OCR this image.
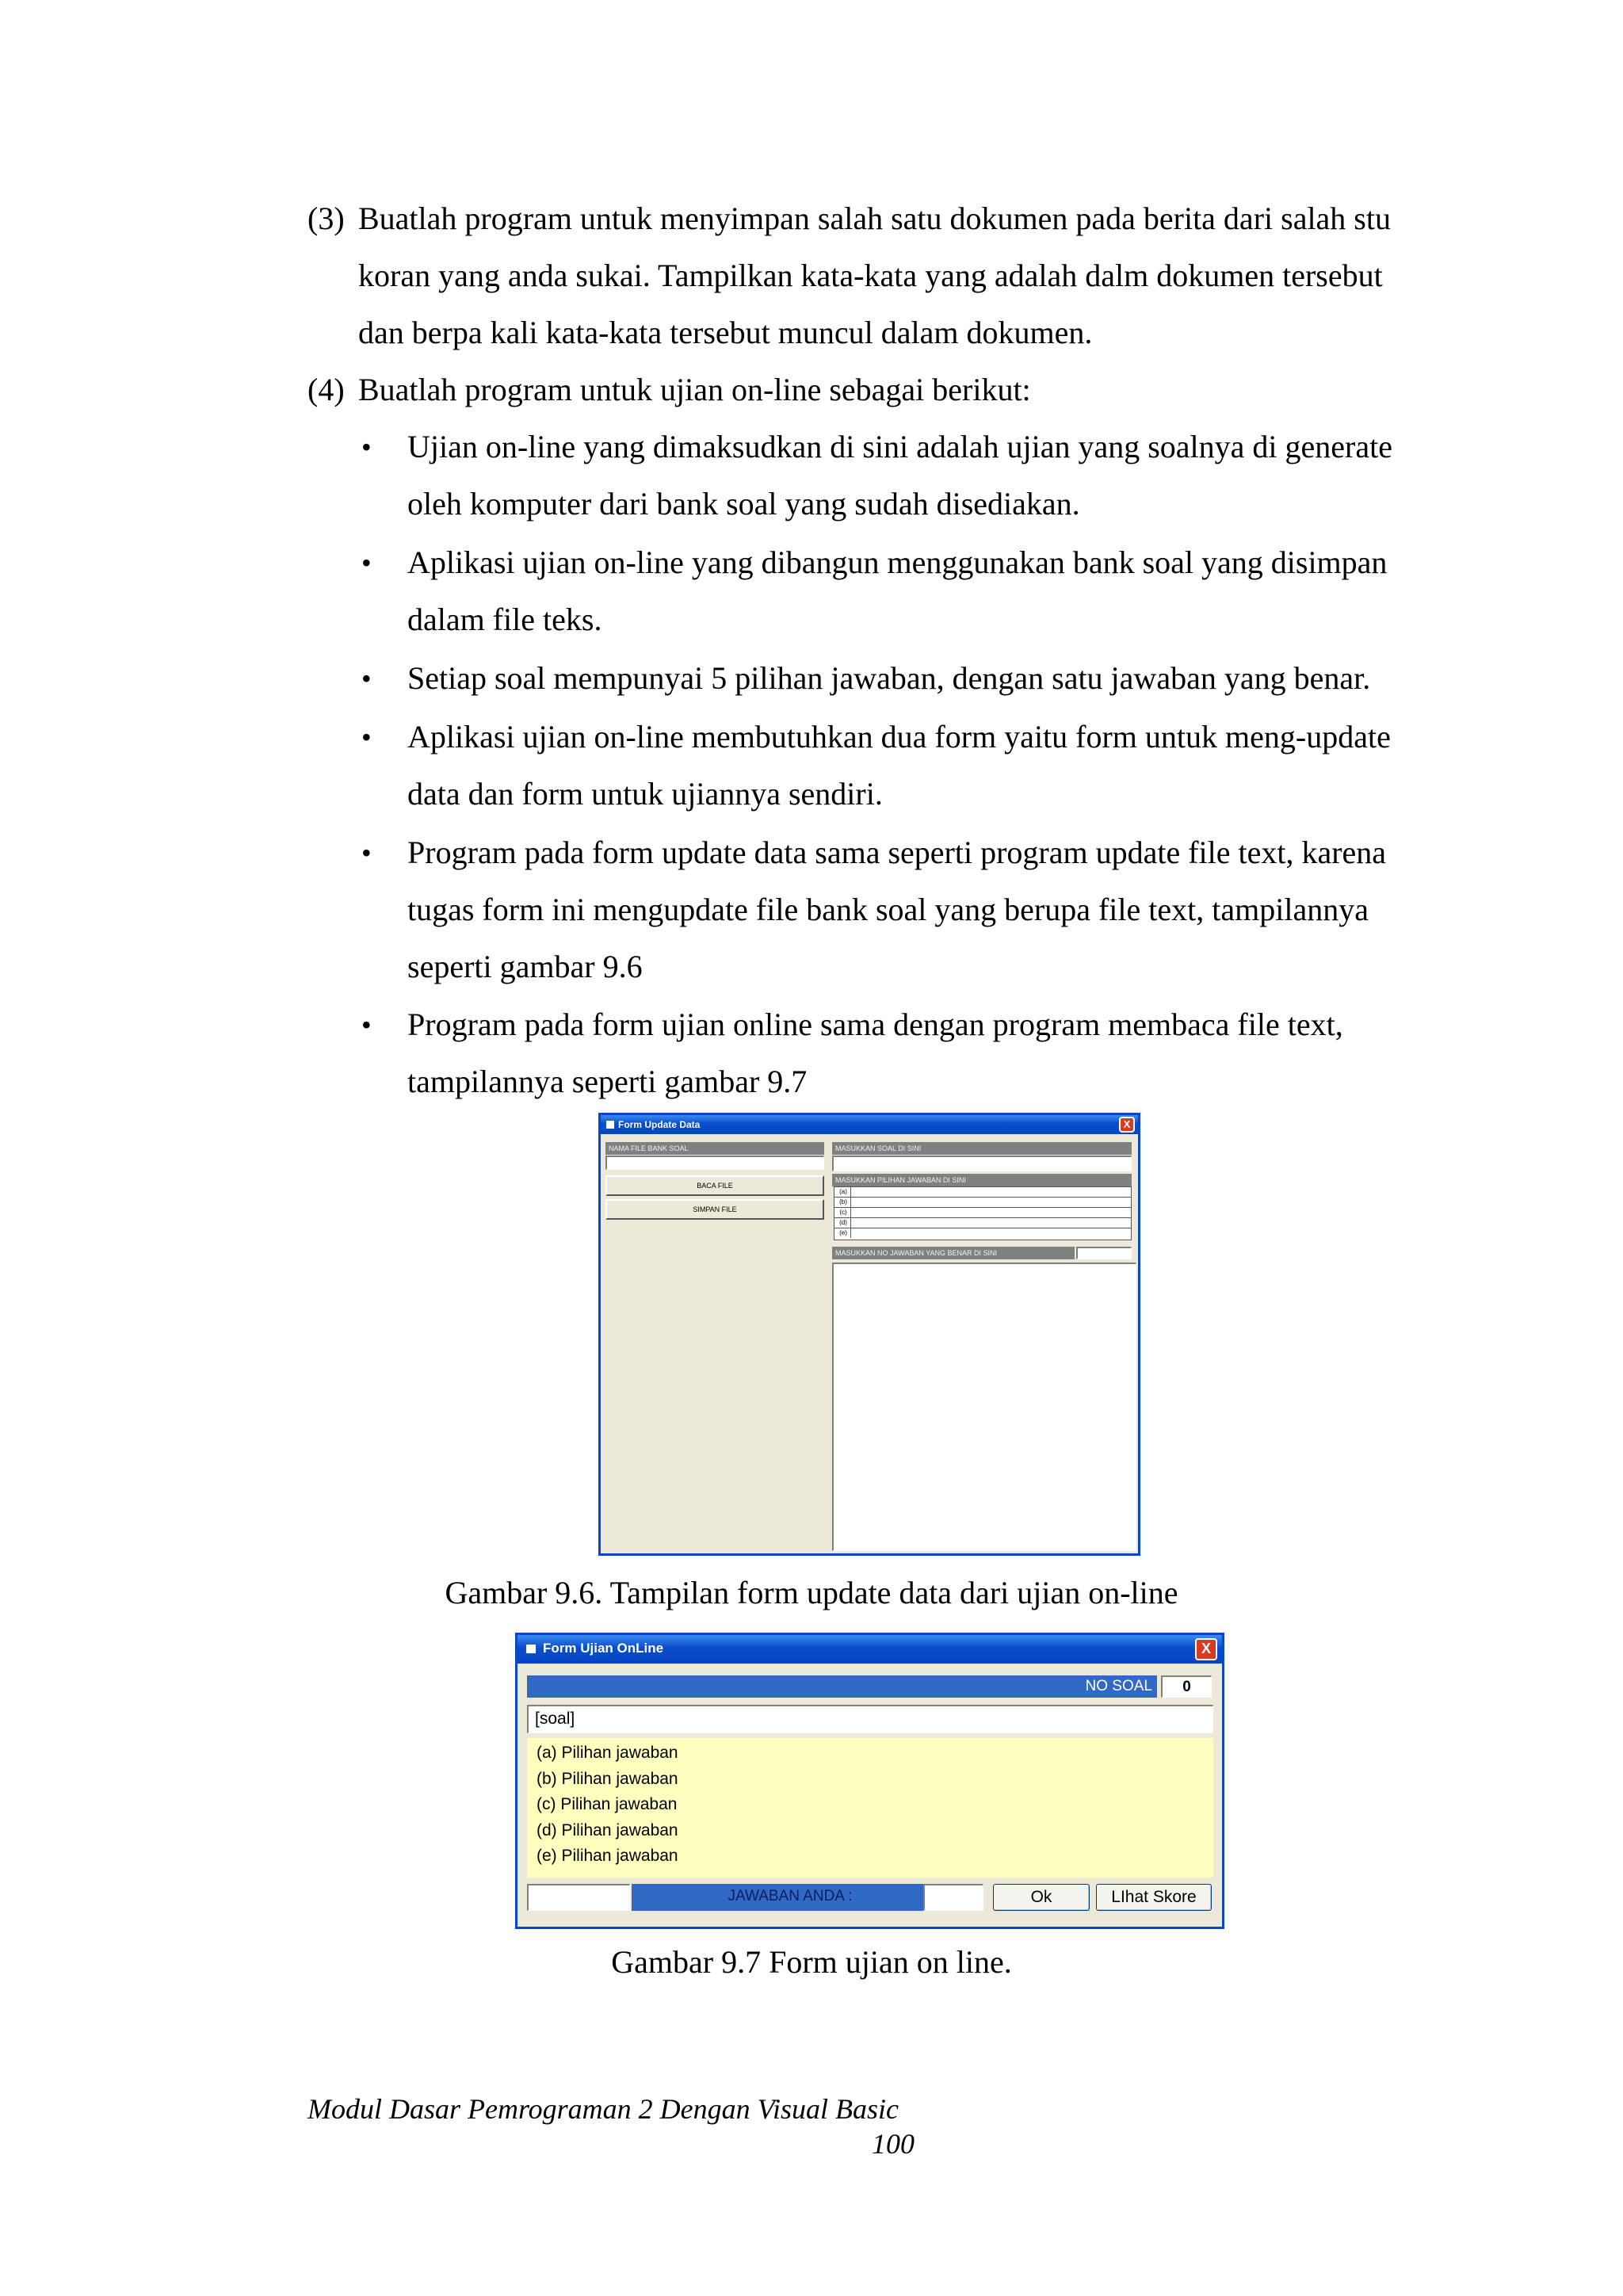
(3) Buatlah program untuk menyimpan salah satu dokumen pada berita dari salah stu
koran yang anda sukai. Tampilkan kata-kata yang adalah dalm dokumen tersebut
dan berpa kali kata-kata tersebut muncul dalam dokumen.
(4) Buatlah program untuk ujian on-line sebagai berikut:
• Ujian on-line yang dimaksudkan di sini adalah ujian yang soalnya di generate
oleh komputer dari bank soal yang sudah disediakan.
• Aplikasi ujian on-line yang dibangun menggunakan bank soal yang disimpan
dalam file teks.
• Setiap soal mempunyai 5 pilihan jawaban, dengan satu jawaban yang benar.
• Aplikasi ujian on-line membutuhkan dua form yaitu form untuk meng-update
data dan form untuk ujiannya sendiri.
• Program pada form update data sama seperti program update file text, karena
tugas form ini mengupdate file bank soal yang berupa file text, tampilannya
seperti gambar 9.6
• Program pada form ujian online sama dengan program membaca file text,
tampilannya seperti gambar 9.7
Form Update Data	X
NAMA FILE BANK SOAL
BACA FILE
SIMPAN FILE
MASUKKAN SOAL DI SINI
MASUKKAN PILIHAN JAWABAN DI SINI
(a)
(b)
(c)
(d)
(e)
MASUKKAN NO JAWABAN YANG BENAR DI SINI
Gambar 9.6. Tampilan form update data dari ujian on-line
Form Ujian OnLine	X
NO SOAL	0
[soal]
(a) Pilihan jawaban
(b) Pilihan jawaban
(c) Pilihan jawaban
(d) Pilihan jawaban
(e) Pilihan jawaban
JAWABAN ANDA :	Ok	LIhat Skore
Gambar 9.7 Form ujian on line.
Modul Dasar Pemrograman 2 Dengan Visual Basic
100
